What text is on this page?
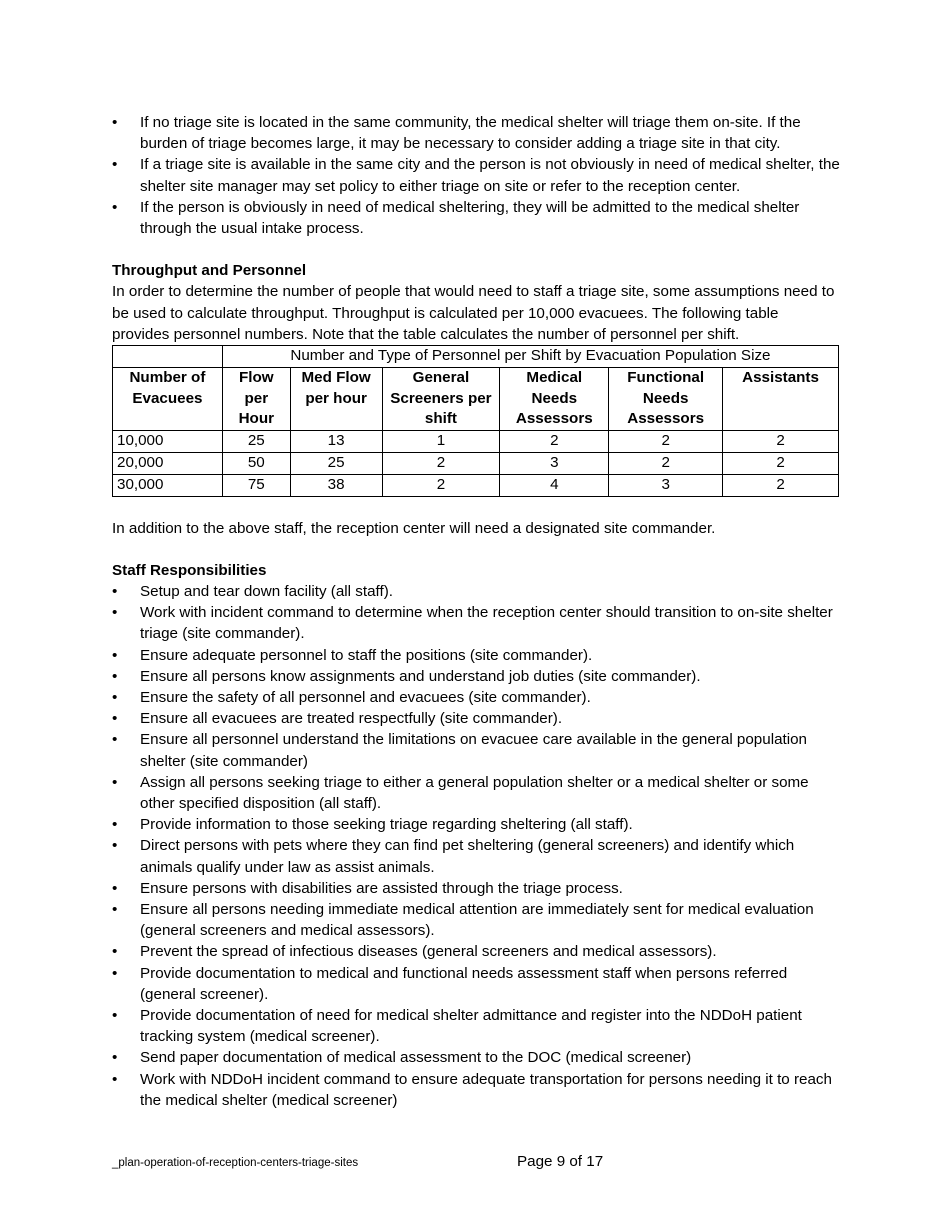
•	If no triage site is located in the same community, the medical shelter will triage them on-site. If the burden of triage becomes large, it may be necessary to consider adding a triage site in that city.
•	If a triage site is available in the same city and the person is not obviously in need of medical shelter, the shelter site manager may set policy to either triage on site or refer to the reception center.
•	If the person is obviously in need of medical sheltering, they will be admitted to the medical shelter through the usual intake process.
Throughput and Personnel

In order to determine the number of people that would need to staff a triage site, some assumptions need to be used to calculate throughput. Throughput is calculated per 10,000 evacuees. The following table provides personnel numbers. Note that the table calculates the number of personnel per shift.

	Number and Type of Personnel per Shift by Evacuation Population Size					
Number of Evacuees	Flow per Hour	Med Flow per hour	General Screeners per shift	Medical Needs Assessors	Functional Needs Assessors	Assistants
10,000	25	13	1	2	2	2
20,000	50	25	2	3	2	2
30,000	75	38	2	4	3	2

In addition to the above staff, the reception center will need a designated site commander.

Staff Responsibilities
•	Setup and tear down facility (all staff).
•	Work with incident command to determine when the reception center should transition to on-site shelter triage (site commander).
•	Ensure adequate personnel to staff the positions (site commander).
•	Ensure all persons know assignments and understand job duties (site commander).
•	Ensure the safety of all personnel and evacuees (site commander).
•	Ensure all evacuees are treated respectfully (site commander).
•	Ensure all personnel understand the limitations on evacuee care available in the general population shelter (site commander)
•	Assign all persons seeking triage to either a general population shelter or a medical shelter or some other specified disposition (all staff).
•	Provide information to those seeking triage regarding sheltering (all staff).
•	Direct persons with pets where they can find pet sheltering (general screeners) and identify which animals qualify under law as assist animals.
•	Ensure persons with disabilities are assisted through the triage process.
•	Ensure all persons needing immediate medical attention are immediately sent for medical evaluation (general screeners and medical assessors).
•	Prevent the spread of infectious diseases (general screeners and medical assessors).
•	Provide documentation to medical and functional needs assessment staff when persons referred (general screener).
•	Provide documentation of need for medical shelter admittance and register into the NDDoH patient tracking system (medical screener).
•	Send paper documentation of medical assessment to the DOC (medical screener)
•	Work with NDDoH incident command to ensure adequate transportation for persons needing it to reach the medical shelter (medical screener)
_plan-operation-of-reception-centers-triage-sites	Page 9 of 17
